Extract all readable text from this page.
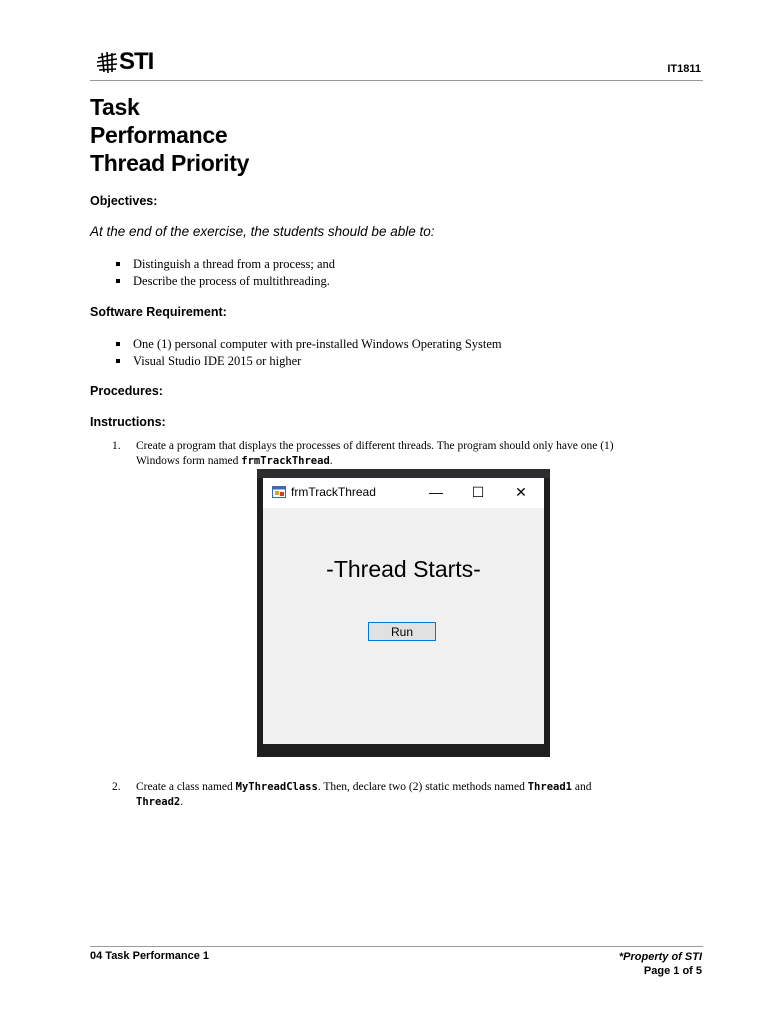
STI	IT1811
Task
Performance
Thread Priority
Objectives:
At the end of the exercise, the students should be able to:
Distinguish a thread from a process; and
Describe the process of multithreading.
Software Requirement:
One (1) personal computer with pre-installed Windows Operating System
Visual Studio IDE 2015 or higher
Procedures:
Instructions:
1. Create a program that displays the processes of different threads. The program should only have one (1)
Windows form named frmTrackThread.
frmTrackThread	— ☐ ✕
-Thread Starts-
Run
2. Create a class named MyThreadClass. Then, declare two (2) static methods named Thread1 and
Thread2.
04 Task Performance 1	*Property of STI
Page 1 of 5
